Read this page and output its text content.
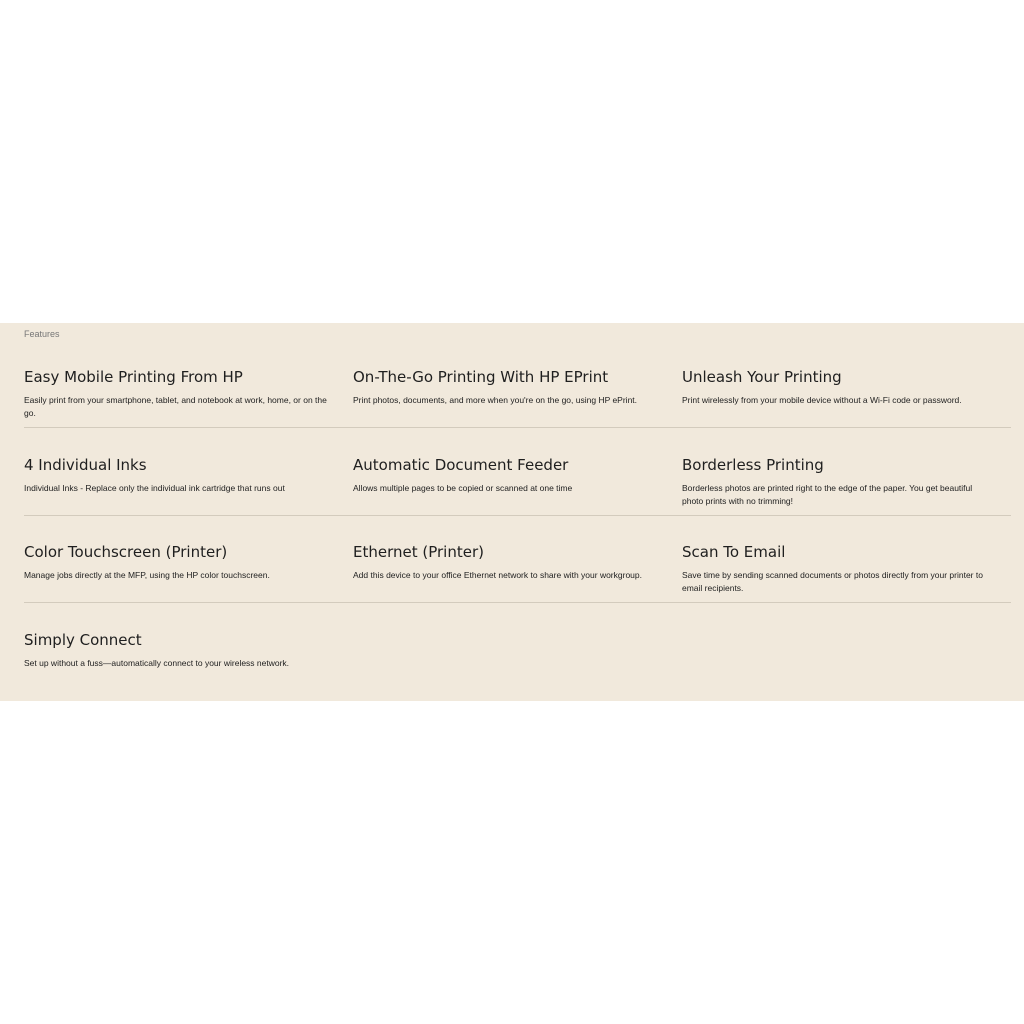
Features
Easy Mobile Printing From HP

Easily print from your smartphone, tablet, and notebook at work, home, or on the go.

On-The-Go Printing With HP EPrint

Print photos, documents, and more when you're on the go, using HP ePrint.

Unleash Your Printing

Print wirelessly from your mobile device without a Wi-Fi code or password.

4 Individual Inks

Individual Inks - Replace only the individual ink cartridge that runs out

Automatic Document Feeder

Allows multiple pages to be copied or scanned at one time

Borderless Printing

Borderless photos are printed right to the edge of the paper. You get beautiful photo prints with no trimming!

Color Touchscreen (Printer)

Manage jobs directly at the MFP, using the HP color touchscreen.

Ethernet (Printer)

Add this device to your office Ethernet network to share with your workgroup.

Scan To Email

Save time by sending scanned documents or photos directly from your printer to email recipients.

Simply Connect

Set up without a fuss—automatically connect to your wireless network.
